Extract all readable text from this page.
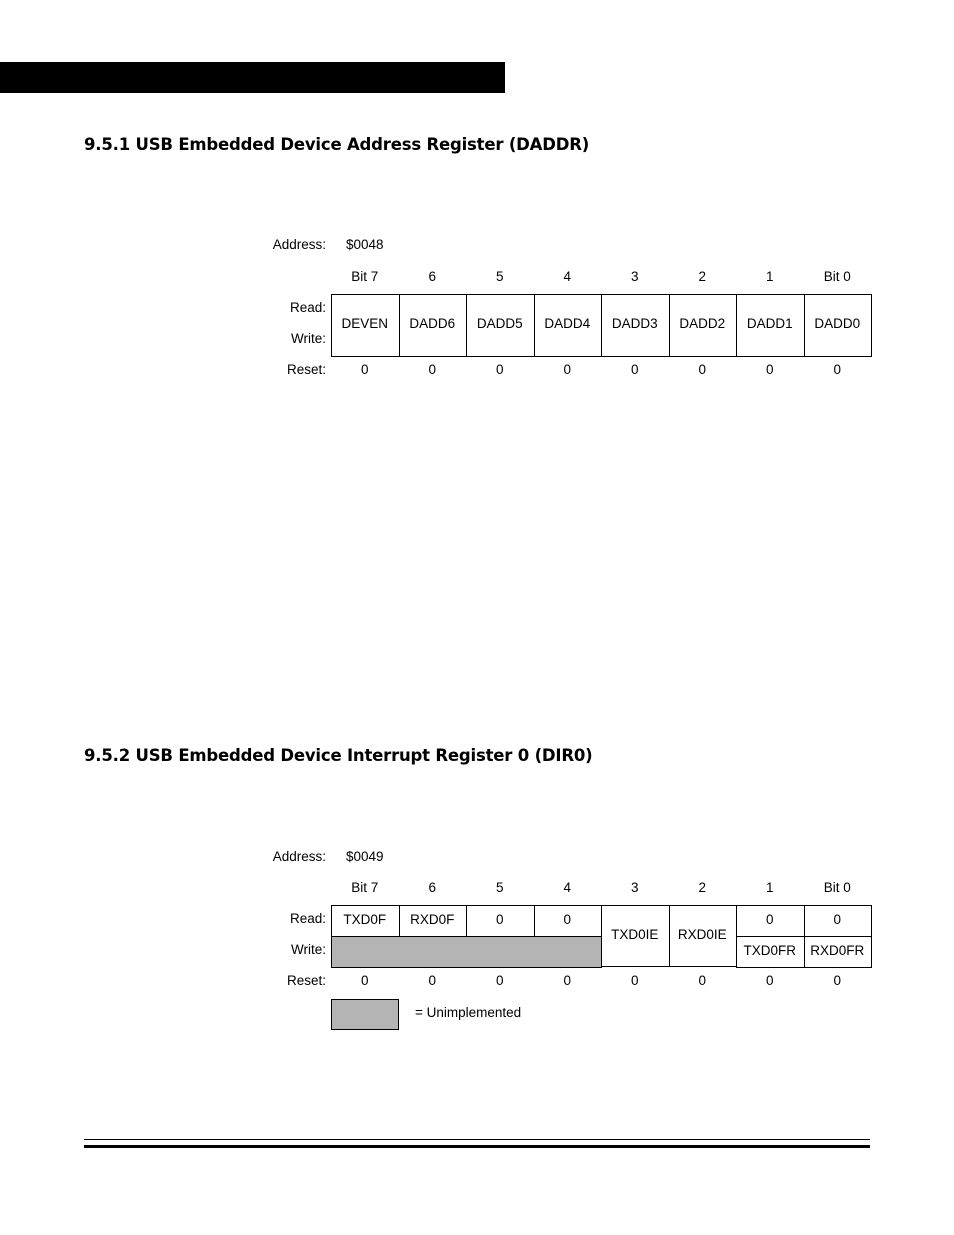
9.5.1 USB Embedded Device Address Register (DADDR)
Address: $0048
Read:
Write:
Reset:
Bit 7
DEVEN
0
6
DADD6
0
5
DADD5
0
4
DADD4
0
3
DADD3
0
2
DADD2
0
1
DADD1
0
Bit 0
DADD0
0
9.5.2 USB Embedded Device Interrupt Register 0 (DIR0)
Address: $0049
Read:
Write:
Reset:
= Unimplemented
Bit 7
TXD0F
0
6
RXD0F
0
5
0
0
4
0
0
3
TXD0IE
0
2
RXD0IE
0
1
0
TXD0FR
0
Bit 0
0
RXD0FR
0
